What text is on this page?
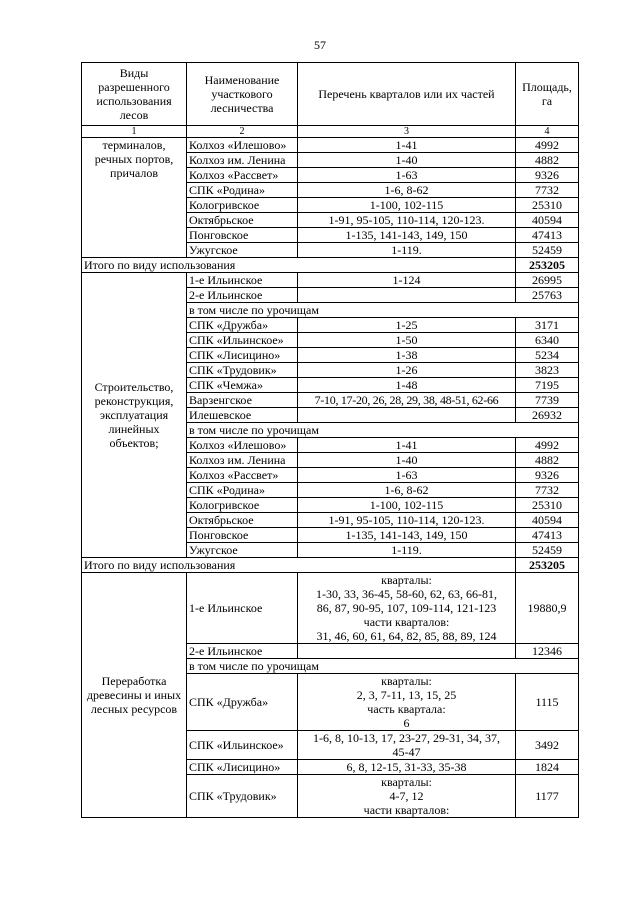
57
Виды разрешенного использования лесов	Наименование участкового лесничества	Перечень кварталов или их частей	Площадь, га
1	2	3	4
терминалов, речных портов, причалов	Колхоз «Илешово»	1-41	4992
	Колхоз им. Ленина	1-40	4882
	Колхоз «Рассвет»	1-63	9326
	СПК «Родина»	1-6, 8-62	7732
	Кологривское	1-100, 102-115	25310
	Октябрьское	1-91, 95-105, 110-114, 120-123.	40594
	Понговское	1-135, 141-143, 149, 150	47413
	Ужугское	1-119.	52459
Итого по виду использования			253205
Строительство, реконструкция, эксплуатация линейных объектов;	1-е Ильинское	1-124	26995
	2-е Ильинское		25763
	в том числе по урочищам		
	СПК «Дружба»	1-25	3171
	СПК «Ильинское»	1-50	6340
	СПК «Лисицино»	1-38	5234
	СПК «Трудовик»	1-26	3823
	СПК «Чемжа»	1-48	7195
	Варзенгское	7-10, 17-20, 26, 28, 29, 38, 48-51, 62-66	7739
	Илешевское		26932
	в том числе по урочищам		
	Колхоз «Илешово»	1-41	4992
	Колхоз им. Ленина	1-40	4882
	Колхоз «Рассвет»	1-63	9326
	СПК «Родина»	1-6, 8-62	7732
	Кологривское	1-100, 102-115	25310
	Октябрьское	1-91, 95-105, 110-114, 120-123.	40594
	Понговское	1-135, 141-143, 149, 150	47413
	Ужугское	1-119.	52459
Итого по виду использования			253205
Переработка древесины и иных лесных ресурсов	1-е Ильинское	кварталы:
1-30, 33, 36-45, 58-60, 62, 63, 66-81,
86, 87, 90-95, 107, 109-114, 121-123
части кварталов:
31, 46, 60, 61, 64, 82, 85, 88, 89, 124	19880,9
	2-е Ильинское		12346
	в том числе по урочищам		
	СПК «Дружба»	кварталы:
2, 3, 7-11, 13, 15, 25
часть квартала:
6	1115
	СПК «Ильинское»	1-6, 8, 10-13, 17, 23-27, 29-31, 34, 37,
45-47	3492
	СПК «Лисицино»	6, 8, 12-15, 31-33, 35-38	1824
	СПК «Трудовик»	кварталы:
4-7, 12
части кварталов:	1177
